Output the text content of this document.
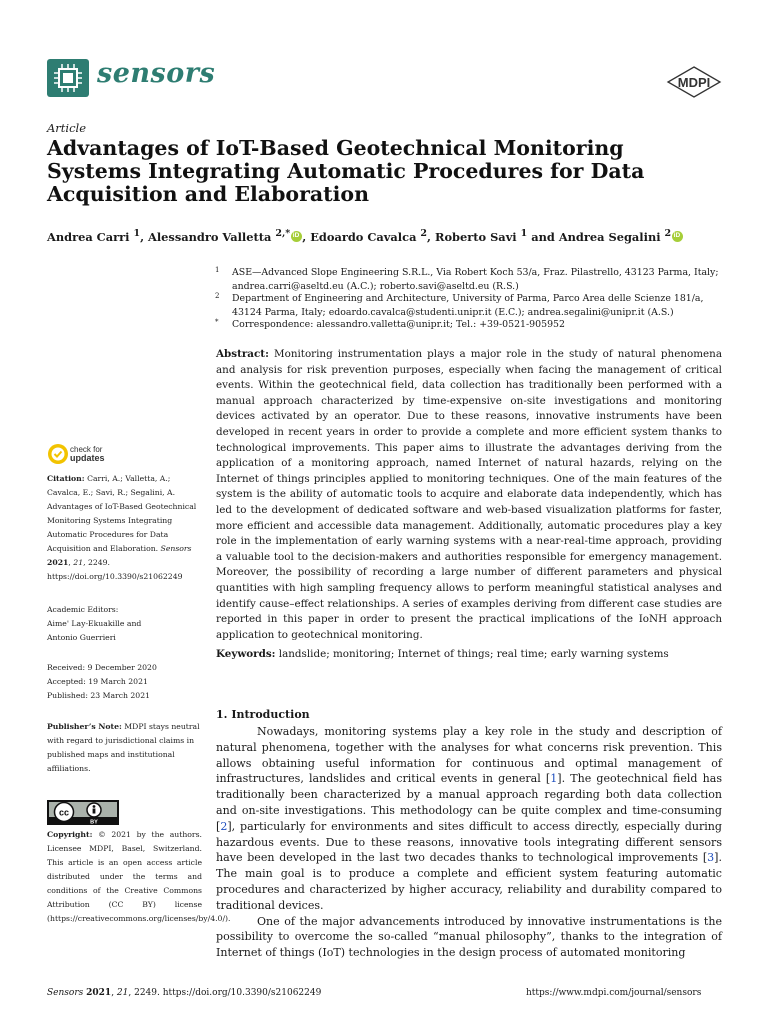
sensors	MDPI
Article
Advantages of IoT-Based Geotechnical Monitoring Systems Integrating Automatic Procedures for Data Acquisition and Elaboration
Andrea Carri $^1$, Alessandro Valletta $^{2,*}$iD , Edoardo Cavalca $^2$, Roberto Savi $^1$ and Andrea Segalini $^2$iD
1 ASE—Advanced Slope Engineering S.R.L., Via Robert Koch 53/a, Fraz. Pilastrello, 43123 Parma, Italy; andrea.carri@aseltd.eu (A.C.); roberto.savi@aseltd.eu (R.S.)
2 Department of Engineering and Architecture, University of Parma, Parco Area delle Scienze 181/a, 43124 Parma, Italy; edoardo.cavalca@studenti.unipr.it (E.C.); andrea.segalini@unipr.it (A.S.)
* Correspondence: alessandro.valletta@unipr.it; Tel.: +39-0521-905952
Abstract: Monitoring instrumentation plays a major role in the study of natural phenomena and analysis for risk prevention purposes, especially when facing the management of critical events. Within the geotechnical field, data collection has traditionally been performed with a manual approach characterized by time-expensive on-site investigations and monitoring devices activated by an operator. Due to these reasons, innovative instruments have been developed in recent years in order to provide a complete and more efficient system thanks to technological improvements. This paper aims to illustrate the advantages deriving from the application of a monitoring approach, named Internet of natural hazards, relying on the Internet of things principles applied to monitoring techniques. One of the main features of the system is the ability of automatic tools to acquire and elaborate data independently, which has led to the development of dedicated software and web-based visualization platforms for faster, more efficient and accessible data management. Additionally, automatic procedures play a key role in the implementation of early warning systems with a near-real-time approach, providing a valuable tool to the decision-makers and authorities responsible for emergency management. Moreover, the possibility of recording a large number of different parameters and physical quantities with high sampling frequency allows to perform meaningful statistical analyses and identify cause–effect relationships. A series of examples deriving from different case studies are reported in this paper in order to present the practical implications of the IoNH approach application to geotechnical monitoring.
Keywords: landslide; monitoring; Internet of things; real time; early warning systems
check for
updates
Citation: Carri, A.; Valletta, A.; Cavalca, E.; Savi, R.; Segalini, A. Advantages of IoT-Based Geotechnical Monitoring Systems Integrating Automatic Procedures for Data Acquisition and Elaboration. Sensors 2021, 21, 2249. https://doi.org/10.3390/s21062249
Academic Editors:
Aime' Lay-Ekuakille and
Antonio Guerrieri
Received: 9 December 2020
Accepted: 19 March 2021
Published: 23 March 2021
Publisher’s Note: MDPI stays neutral with regard to jurisdictional claims in published maps and institutional affiliations.
cc
BY
Copyright: © 2021 by the authors. Licensee MDPI, Basel, Switzerland. This article is an open access article distributed under the terms and conditions of the Creative Commons Attribution (CC BY) license (https://creativecommons.org/licenses/by/4.0/).
1. Introduction

Nowadays, monitoring systems play a key role in the study and description of natural phenomena, together with the analyses for what concerns risk prevention. This allows obtaining useful information for continuous and optimal management of infrastructures, landslides and critical events in general [1]. The geotechnical field has traditionally been characterized by a manual approach regarding both data collection and on-site investigations. This methodology can be quite complex and time-consuming [2], particularly for environments and sites difficult to access directly, especially during hazardous events. Due to these reasons, innovative tools integrating different sensors have been developed in the last two decades thanks to technological improvements [3]. The main goal is to produce a complete and efficient system featuring automatic procedures and characterized by higher accuracy, reliability and durability compared to traditional devices.

One of the major advancements introduced by innovative instrumentations is the possibility to overcome the so-called “manual philosophy”, thanks to the integration of Internet of things (IoT) technologies in the design process of automated monitoring

Sensors 2021, 21, 2249. https://doi.org/10.3390/s21062249	https://www.mdpi.com/journal/sensors
